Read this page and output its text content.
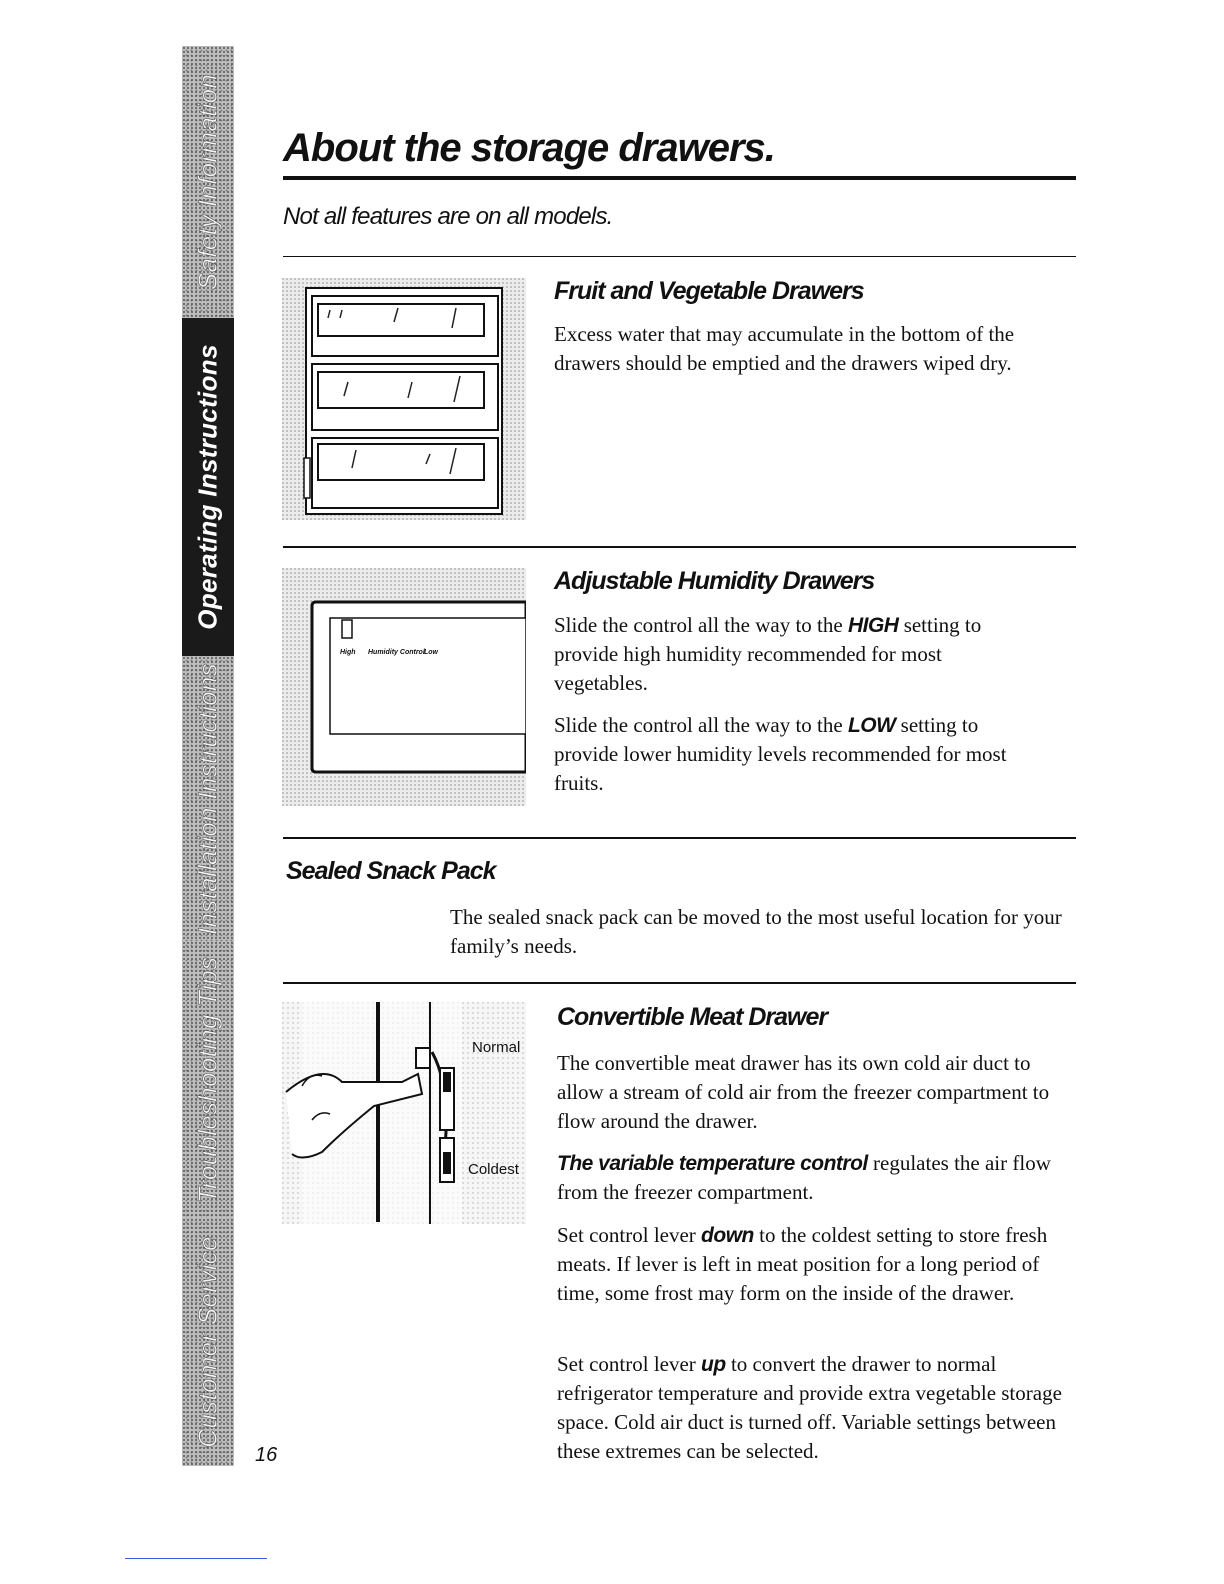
Safety Information
Operating Instructions
Installation Instructions
Troubleshooting Tips
Customer Service
About the storage drawers.
Not all features are on all models.
Fruit and Vegetable Drawers

Excess water that may accumulate in the bottom of the drawers should be emptied and the drawers wiped dry.

High Humidity Control Low
Adjustable Humidity Drawers

Slide the control all the way to the HIGH setting to provide high humidity recommended for most vegetables.

Slide the control all the way to the LOW setting to provide lower humidity levels recommended for most fruits.

Sealed Snack Pack

The sealed snack pack can be moved to the most useful location for your family’s needs.

Normal
Coldest
Convertible Meat Drawer

The convertible meat drawer has its own cold air duct to allow a stream of cold air from the freezer compartment to flow around the drawer.

The variable temperature control regulates the air flow from the freezer compartment.

Set control lever down to the coldest setting to store fresh meats. If lever is left in meat position for a long period of time, some frost may form on the inside of the drawer.

Set control lever up to convert the drawer to normal refrigerator temperature and provide extra vegetable storage space. Cold air duct is turned off. Variable settings between these extremes can be selected.

16
